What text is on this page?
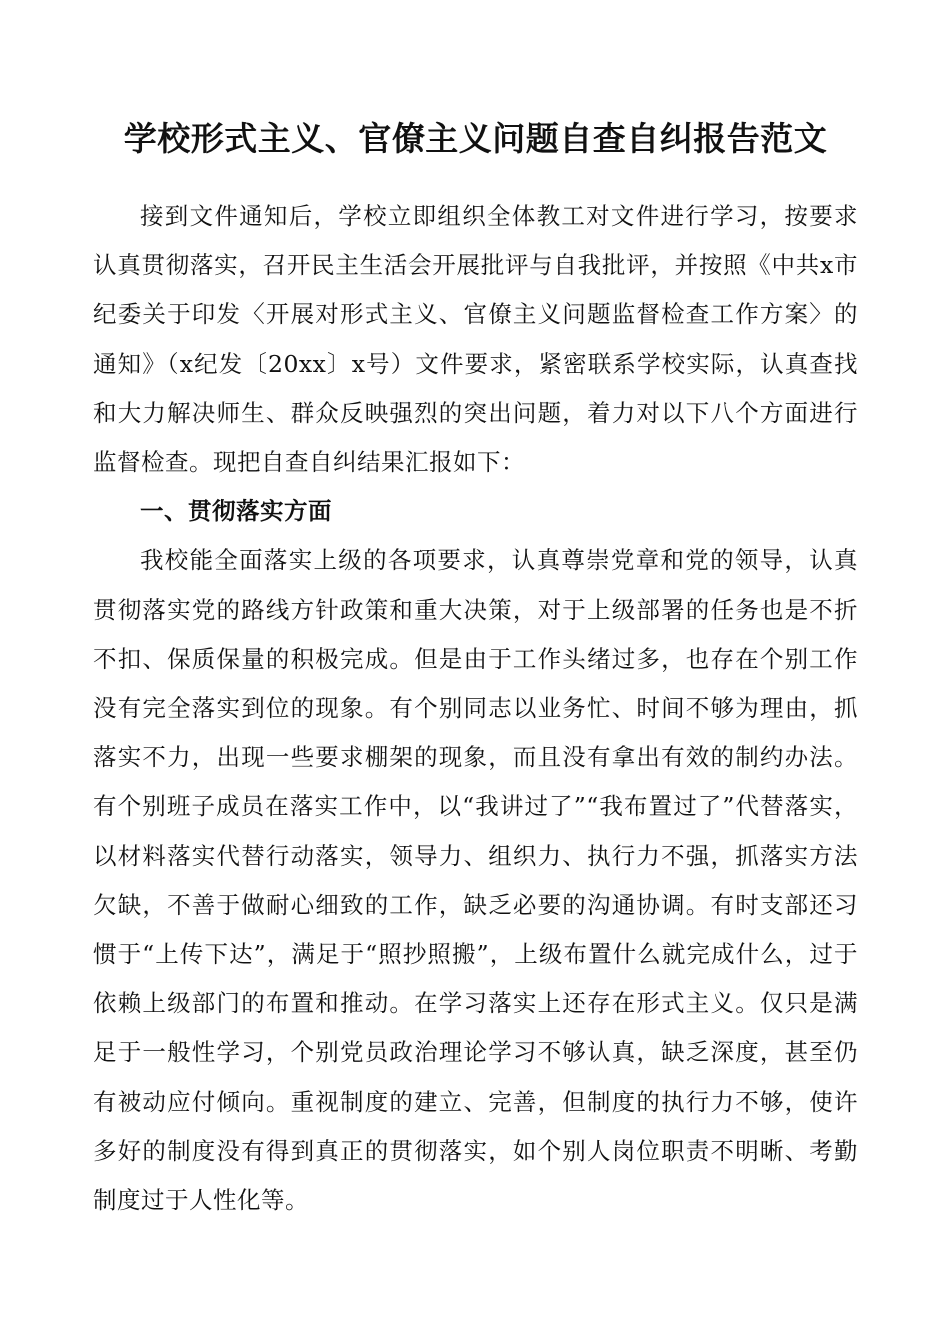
学校形式主义、官僚主义问题自查自纠报告范文

接到文件通知后，学校立即组织全体教工对文件进行学习，按要求认真贯彻落实，召开民主生活会开展批评与自我批评，并按照《中共x市纪委关于印发〈开展对形式主义、官僚主义问题监督检查工作方案〉的通知》（x纪发〔20xx〕x号）文件要求，紧密联系学校实际，认真查找和大力解决师生、群众反映强烈的突出问题，着力对以下八个方面进行监督检查。现把自查自纠结果汇报如下：

一、贯彻落实方面

我校能全面落实上级的各项要求，认真尊崇党章和党的领导，认真贯彻落实党的路线方针政策和重大决策，对于上级部署的任务也是不折不扣、保质保量的积极完成。但是由于工作头绪过多，也存在个别工作没有完全落实到位的现象。有个别同志以业务忙、时间不够为理由，抓落实不力，出现一些要求棚架的现象，而且没有拿出有效的制约办法。有个别班子成员在落实工作中，以“我讲过了”“我布置过了”代替落实，以材料落实代替行动落实，领导力、组织力、执行力不强，抓落实方法欠缺，不善于做耐心细致的工作，缺乏必要的沟通协调。有时支部还习惯于“上传下达”，满足于“照抄照搬”，上级布置什么就完成什么，过于依赖上级部门的布置和推动。在学习落实上还存在形式主义。仅只是满足于一般性学习，个别党员政治理论学习不够认真，缺乏深度，甚至仍有被动应付倾向。重视制度的建立、完善，但制度的执行力不够，使许多好的制度没有得到真正的贯彻落实，如个别人岗位职责不明晰、考勤制度过于人性化等。
